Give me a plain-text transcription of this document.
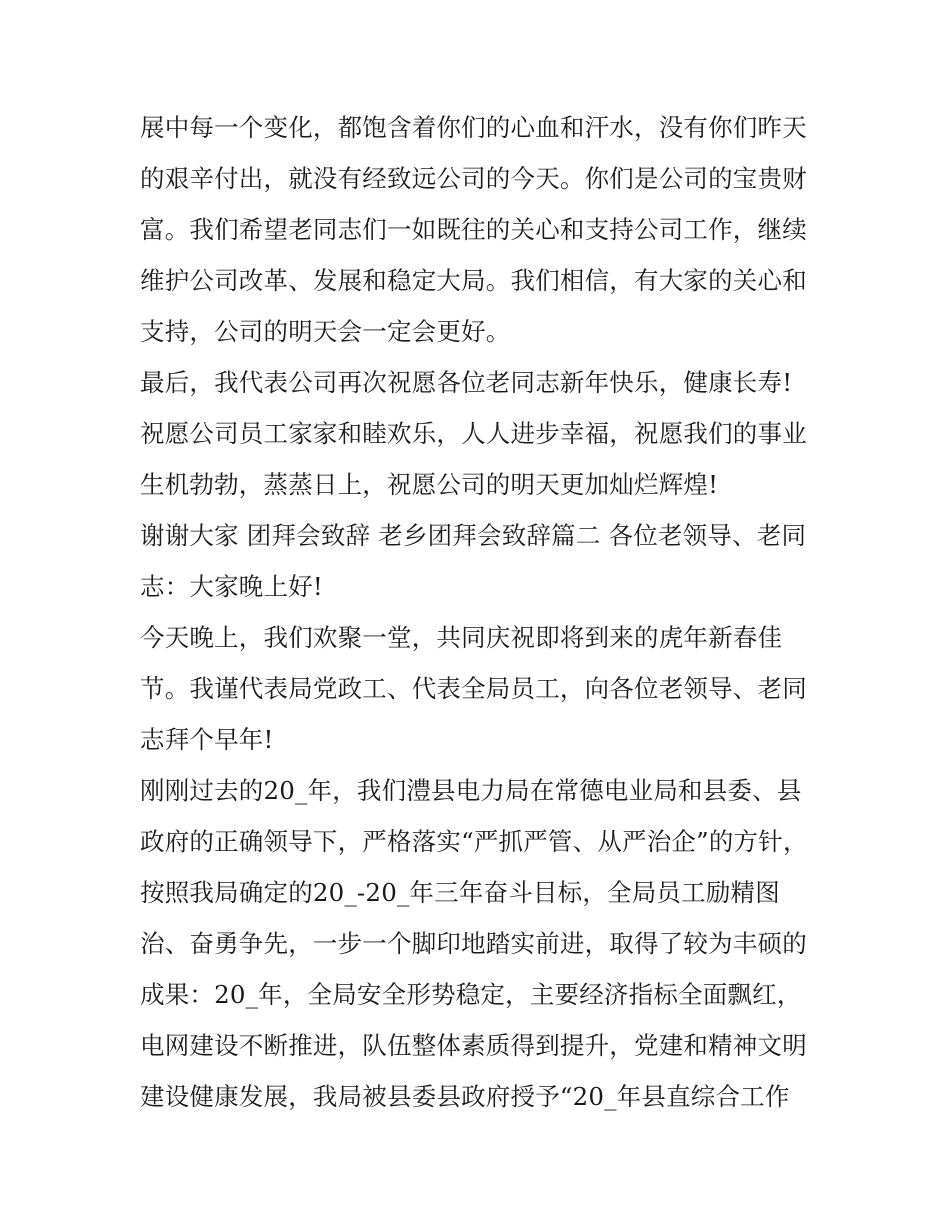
展中每一个变化，都饱含着你们的心血和汗水，没有你们昨天
的艰辛付出，就没有经致远公司的今天。你们是公司的宝贵财
富。我们希望老同志们一如既往的关心和支持公司工作，继续
维护公司改革、发展和稳定大局。我们相信，有大家的关心和
支持，公司的明天会一定会更好。
最后，我代表公司再次祝愿各位老同志新年快乐，健康长寿!
祝愿公司员工家家和睦欢乐，人人进步幸福，祝愿我们的事业
生机勃勃，蒸蒸日上，祝愿公司的明天更加灿烂辉煌!
谢谢大家 团拜会致辞 老乡团拜会致辞篇二 各位老领导、老同
志：大家晚上好!
今天晚上，我们欢聚一堂，共同庆祝即将到来的虎年新春佳
节。我谨代表局党政工、代表全局员工，向各位老领导、老同
志拜个早年!
刚刚过去的20_年，我们澧县电力局在常德电业局和县委、县
政府的正确领导下，严格落实“严抓严管、从严治企”的方针，
按照我局确定的20_-20_年三年奋斗目标，全局员工励精图
治、奋勇争先，一步一个脚印地踏实前进，取得了较为丰硕的
成果：20_年，全局安全形势稳定，主要经济指标全面飘红，
电网建设不断推进，队伍整体素质得到提升，党建和精神文明
建设健康发展，我局被县委县政府授予“20_年县直综合工作
